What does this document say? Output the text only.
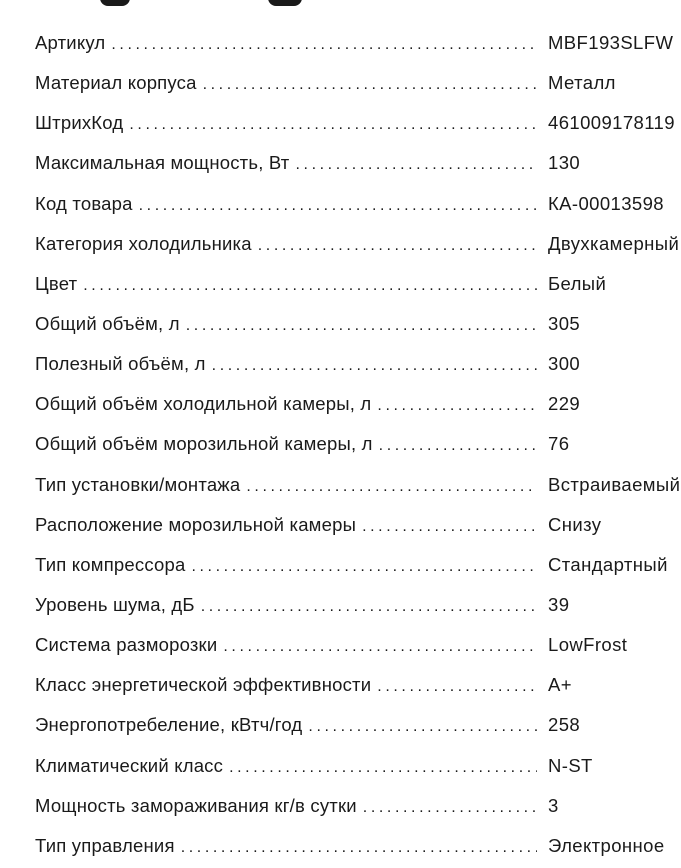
Артикул .....	MBF193SLFW
Материал корпуса .....	Металл
ШтрихКод .....	461009178119
Максимальная мощность, Вт .....	130
Код товара .....	КА-00013598
Категория холодильника .....	Двухкамерный
Цвет .....	Белый
Общий объём, л .....	305
Полезный объём, л .....	300
Общий объём холодильной камеры, л .....	229
Общий объём морозильной камеры, л .....	76
Тип установки/монтажа .....	Встраиваемый
Расположение морозильной камеры .....	Снизу
Тип компрессора .....	Стандартный
Уровень шума, дБ .....	39
Система разморозки .....	LowFrost
Класс энергетической эффективности .....	A+
Энергопотребеление, кВтч/год .....	258
Климатический класс .....	N-ST
Мощность замораживания кг/в сутки .....	3
Тип управления .....	Электронное
